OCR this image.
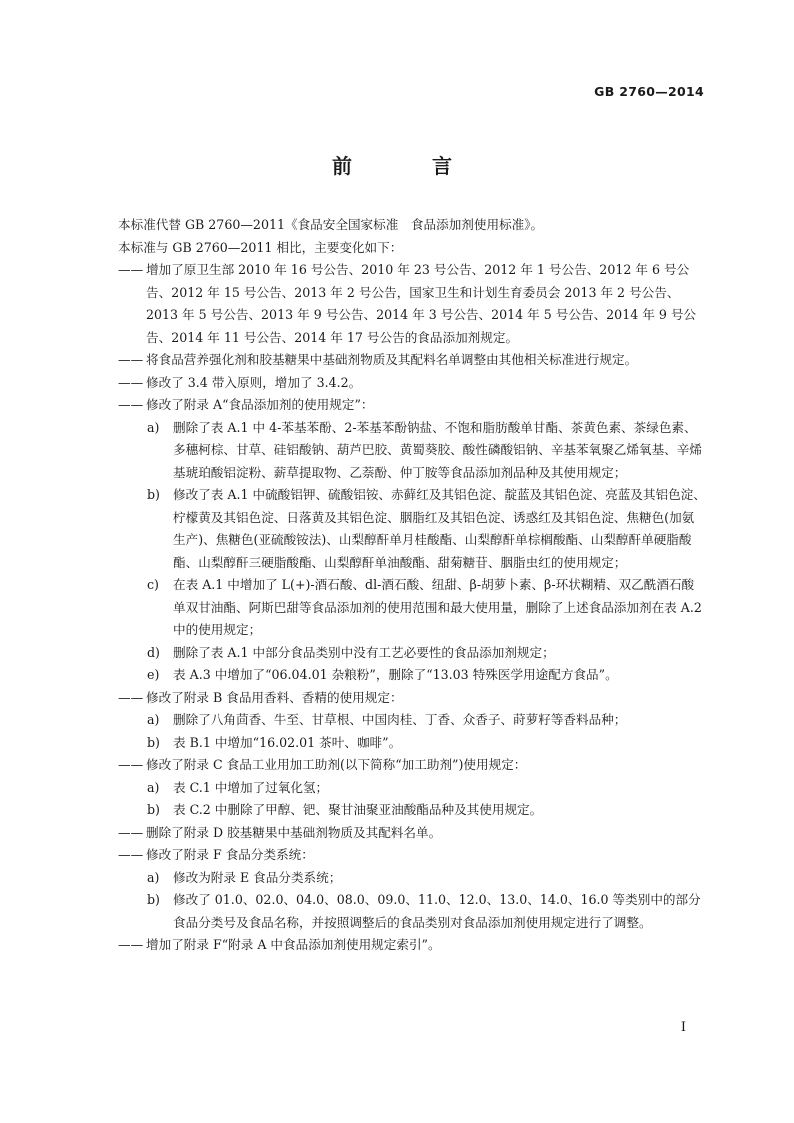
GB 2760—2014
前　言

本标准代替 GB 2760—2011《食品安全国家标准　食品添加剂使用标准》。

本标准与 GB 2760—2011 相比，主要变化如下：

—— 增加了原卫生部 2010 年 16 号公告、2010 年 23 号公告、2012 年 1 号公告、2012 年 6 号公告、2012 年 15 号公告、2013 年 2 号公告，国家卫生和计划生育委员会 2013 年 2 号公告、2013 年 5 号公告、2013 年 9 号公告、2014 年 3 号公告、2014 年 5 号公告、2014 年 9 号公告、2014 年 11 号公告、2014 年 17 号公告的食品添加剂规定。
—— 将食品营养强化剂和胶基糖果中基础剂物质及其配料名单调整由其他相关标准进行规定。
—— 修改了 3.4 带入原则，增加了 3.4.2。
—— 修改了附录 A“食品添加剂的使用规定”：
a) 删除了表 A.1 中 4-苯基苯酚、2-苯基苯酚钠盐、不饱和脂肪酸单甘酯、茶黄色素、茶绿色素、多穗柯棕、甘草、硅铝酸钠、葫芦巴胶、黄蜀葵胶、酸性磷酸铝钠、辛基苯氧聚乙烯氧基、辛烯基琥珀酸铝淀粉、薪草提取物、乙萘酚、仲丁胺等食品添加剂品种及其使用规定；
b) 修改了表 A.1 中硫酸铝钾、硫酸铝铵、赤藓红及其铝色淀、靛蓝及其铝色淀、亮蓝及其铝色淀、柠檬黄及其铝色淀、日落黄及其铝色淀、胭脂红及其铝色淀、诱惑红及其铝色淀、焦糖色(加氨生产)、焦糖色(亚硫酸铵法)、山梨醇酐单月桂酸酯、山梨醇酐单棕榈酸酯、山梨醇酐单硬脂酸酯、山梨醇酐三硬脂酸酯、山梨醇酐单油酸酯、甜菊糖苷、胭脂虫红的使用规定；
c) 在表 A.1 中增加了 L(+)-酒石酸、dl-酒石酸、纽甜、β-胡萝卜素、β-环状糊精、双乙酰酒石酸单双甘油酯、阿斯巴甜等食品添加剂的使用范围和最大使用量，删除了上述食品添加剂在表 A.2 中的使用规定；
d) 删除了表 A.1 中部分食品类别中没有工艺必要性的食品添加剂规定；
e) 表 A.3 中增加了“06.04.01 杂粮粉”，删除了“13.03 特殊医学用途配方食品”。
—— 修改了附录 B 食品用香料、香精的使用规定：
a) 删除了八角茴香、牛至、甘草根、中国肉桂、丁香、众香子、莳萝籽等香料品种；
b) 表 B.1 中增加“16.02.01 茶叶、咖啡”。
—— 修改了附录 C 食品工业用加工助剂(以下简称“加工助剂”)使用规定：
a) 表 C.1 中增加了过氧化氢；
b) 表 C.2 中删除了甲醇、钯、聚甘油聚亚油酸酯品种及其使用规定。
—— 删除了附录 D 胶基糖果中基础剂物质及其配料名单。
—— 修改了附录 F 食品分类系统：
a) 修改为附录 E 食品分类系统；
b) 修改了 01.0、02.0、04.0、08.0、09.0、11.0、12.0、13.0、14.0、16.0 等类别中的部分食品分类号及食品名称，并按照调整后的食品类别对食品添加剂使用规定进行了调整。
—— 增加了附录 F“附录 A 中食品添加剂使用规定索引”。
I
